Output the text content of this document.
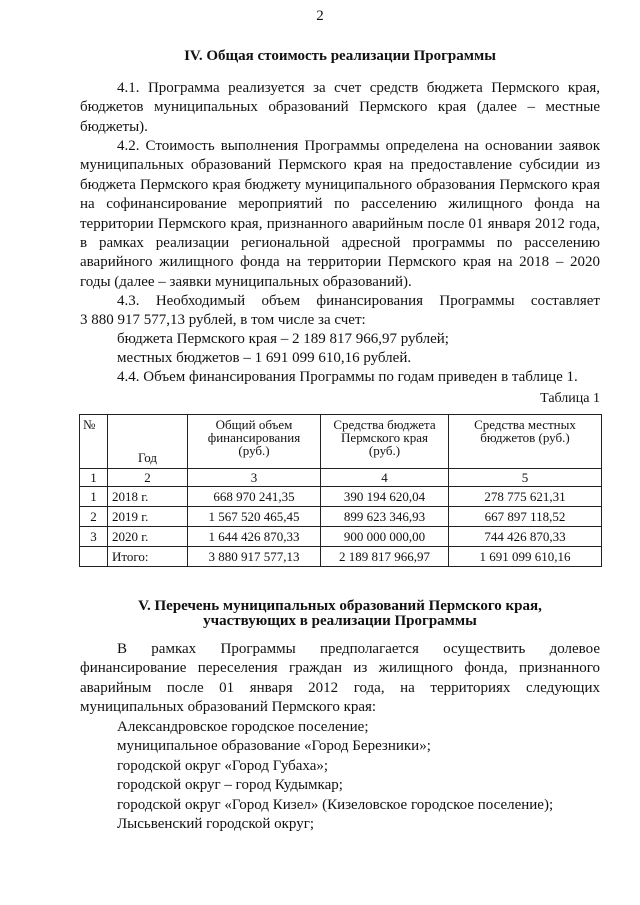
2
IV. Общая стоимость реализации Программы
4.1. Программа реализуется за счет средств бюджета Пермского края, бюджетов муниципальных образований Пермского края (далее – местные бюджеты).
4.2. Стоимость выполнения Программы определена на основании заявок муниципальных образований Пермского края на предоставление субсидии из бюджета Пермского края бюджету муниципального образования Пермского края на софинансирование мероприятий по расселению жилищного фонда на территории Пермского края, признанного аварийным после 01 января 2012 года, в рамках реализации региональной адресной программы по расселению аварийного жилищного фонда на территории Пермского края на 2018 – 2020 годы (далее – заявки муниципальных образований).
4.3. Необходимый объем финансирования Программы составляет
3 880 917 577,13 рублей, в том числе за счет:
бюджета Пермского края – 2 189 817 966,97 рублей;
местных бюджетов – 1 691 099 610,16 рублей.
4.4. Объем финансирования Программы по годам приведен в таблице 1.
Таблица 1
№	Год	Общий объем финансирования (руб.)	Средства бюджета Пермского края (руб.)	Средства местных бюджетов (руб.)
1	2	3	4	5
1	2018 г.	668 970 241,35	390 194 620,04	278 775 621,31
2	2019 г.	1 567 520 465,45	899 623 346,93	667 897 118,52
3	2020 г.	1 644 426 870,33	900 000 000,00	744 426 870,33
	Итого:	3 880 917 577,13	2 189 817 966,97	1 691 099 610,16
V. Перечень муниципальных образований Пермского края,
участвующих в реализации Программы
В рамках Программы предполагается осуществить долевое финансирование переселения граждан из жилищного фонда, признанного аварийным после 01 января 2012 года, на территориях следующих муниципальных образований Пермского края:
Александровское городское поселение;
муниципальное образование «Город Березники»;
городской округ «Город Губаха»;
городской округ – город Кудымкар;
городской округ «Город Кизел» (Кизеловское городское поселение);
Лысьвенский городской округ;
